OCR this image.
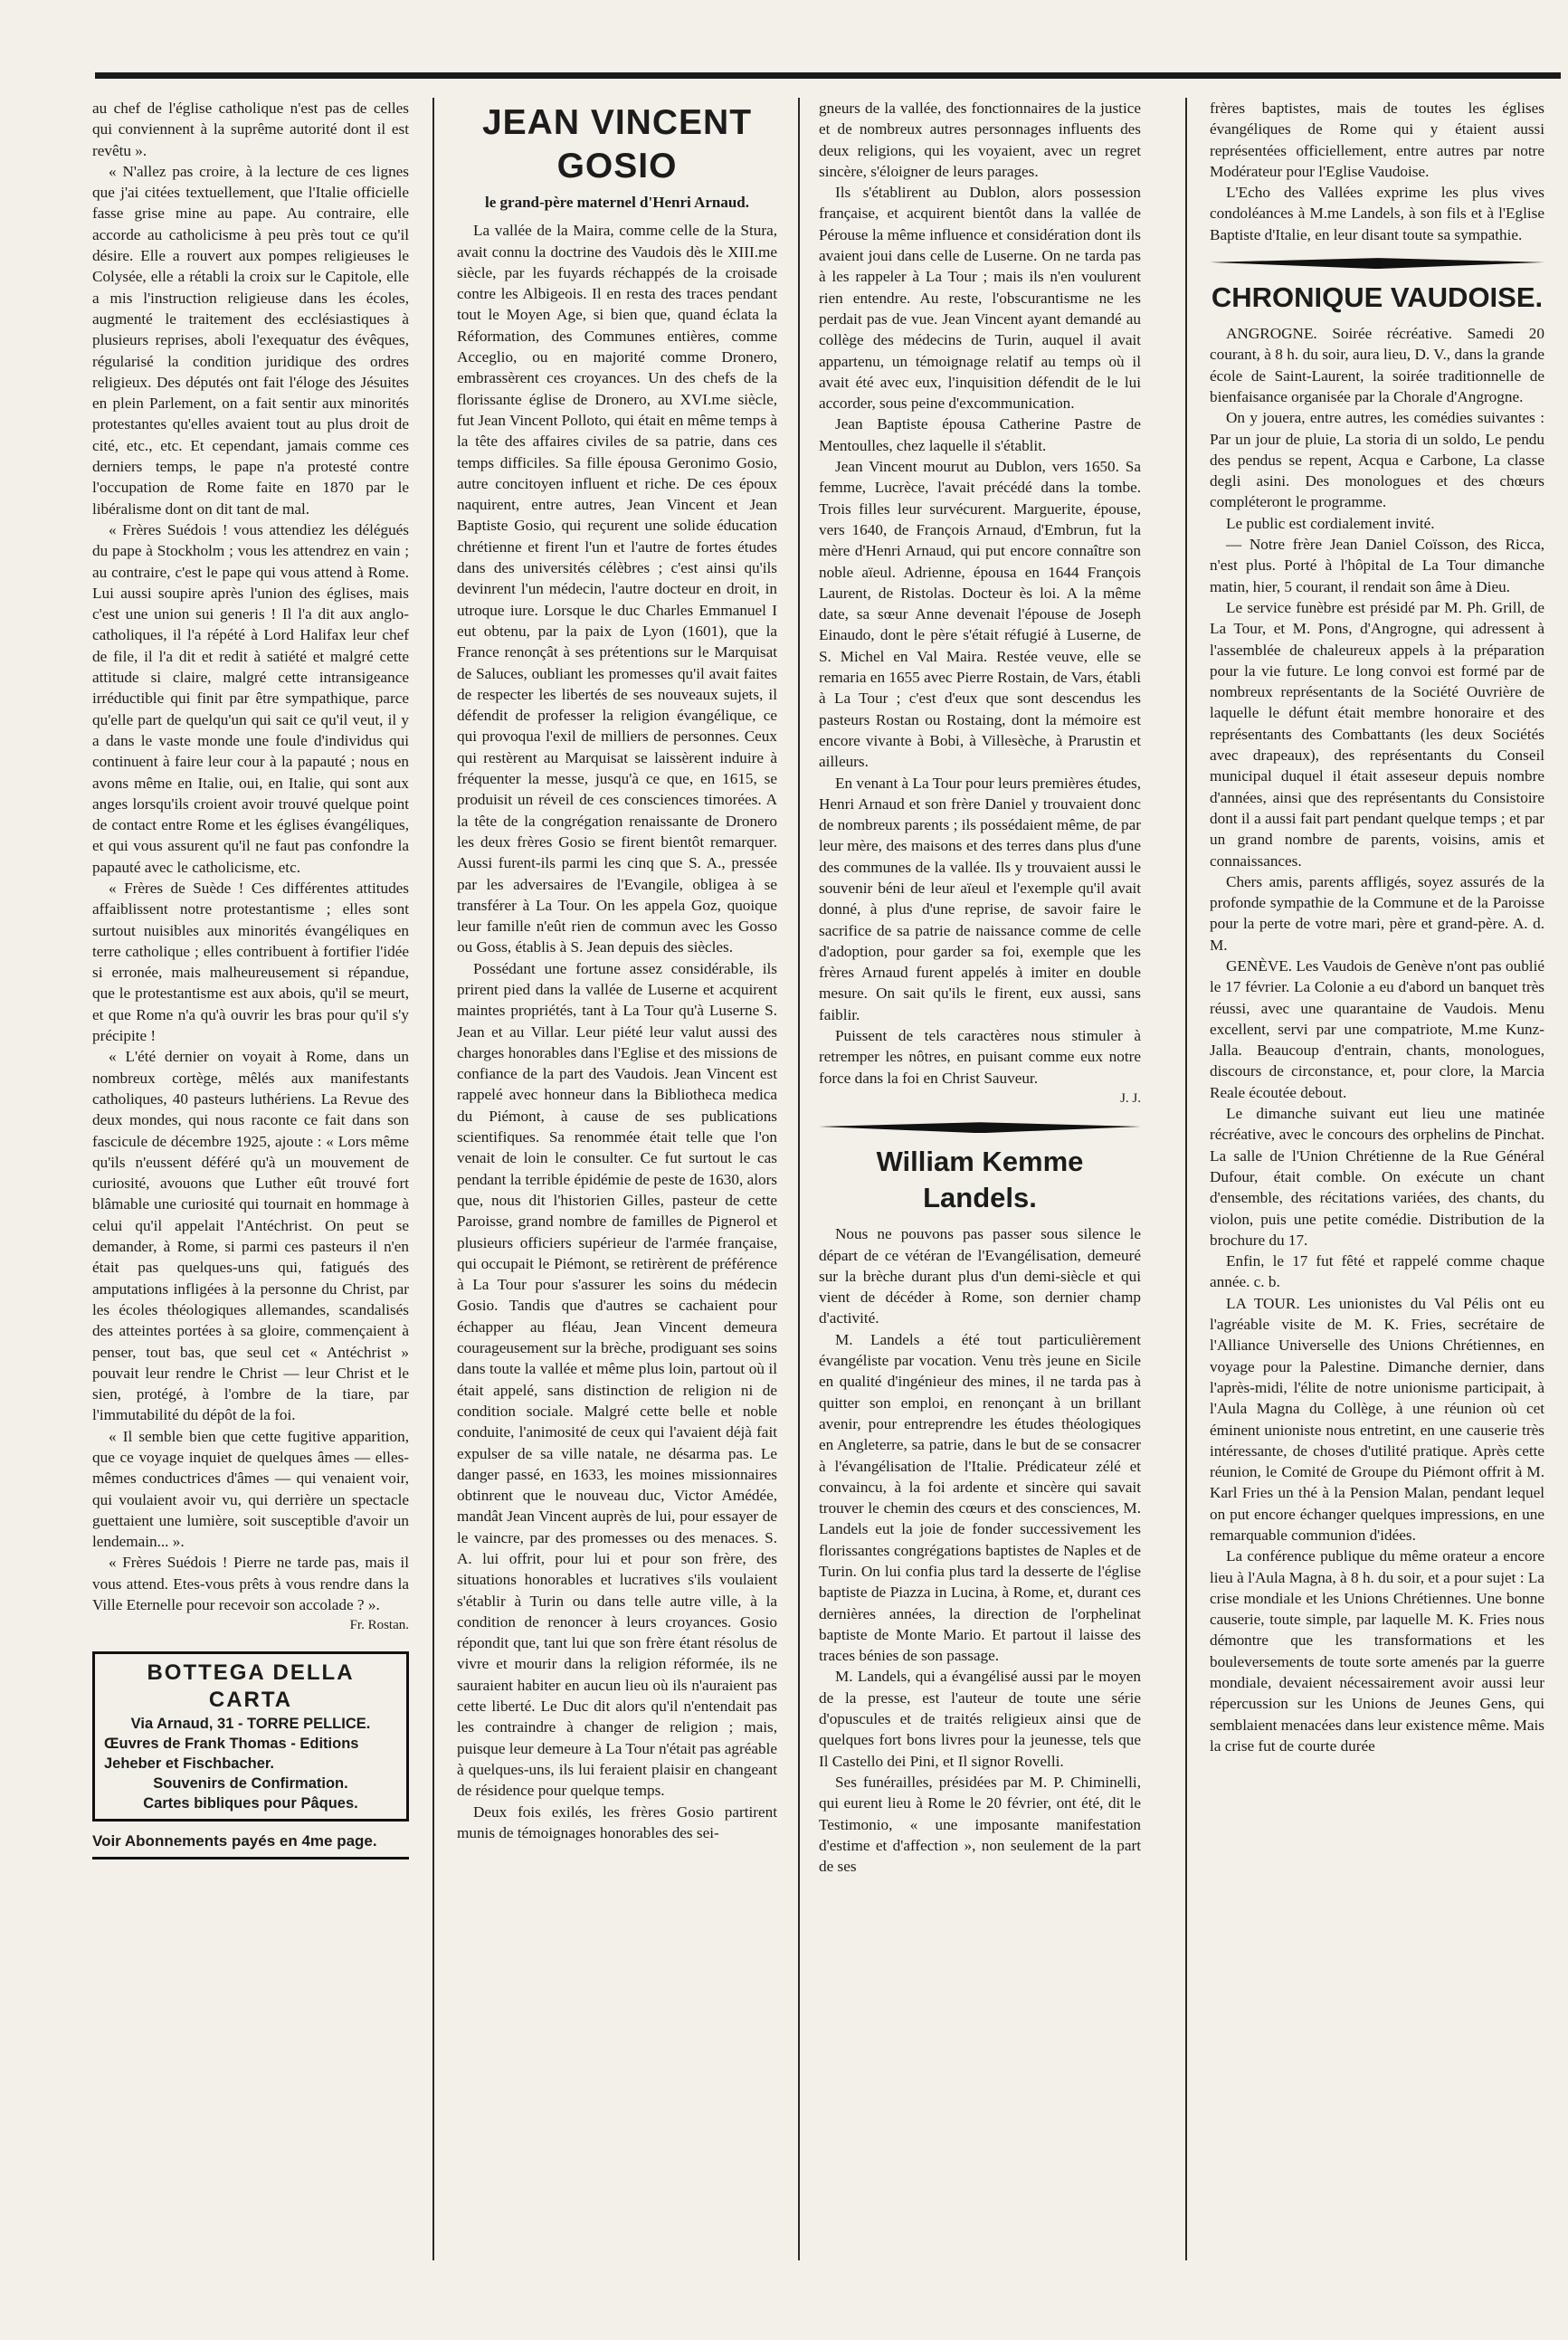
au chef de l'église catholique n'est pas de celles qui conviennent à la suprême autorité dont il est revêtu ».

« N'allez pas croire, à la lecture de ces lignes que j'ai citées textuellement, que l'Italie officielle fasse grise mine au pape. Au contraire, elle accorde au catholicisme à peu près tout ce qu'il désire. Elle a rouvert aux pompes religieuses le Colysée, elle a rétabli la croix sur le Capitole, elle a mis l'instruction religieuse dans les écoles, augmenté le traitement des ecclésiastiques à plusieurs reprises, aboli l'exequatur des évêques, régularisé la condition juridique des ordres religieux. Des députés ont fait l'éloge des Jésuites en plein Parlement, on a fait sentir aux minorités protestantes qu'elles avaient tout au plus droit de cité, etc., etc. Et cependant, jamais comme ces derniers temps, le pape n'a protesté contre l'occupation de Rome faite en 1870 par le libéralisme dont on dit tant de mal.

« Frères Suédois ! vous attendiez les délégués du pape à Stockholm ; vous les attendrez en vain ; au contraire, c'est le pape qui vous attend à Rome. Lui aussi soupire après l'union des églises, mais c'est une union sui generis ! Il l'a dit aux anglo-catholiques, il l'a répété à Lord Halifax leur chef de file, il l'a dit et redit à satiété et malgré cette attitude si claire, malgré cette intransigeance irréductible qui finit par être sympathique, parce qu'elle part de quelqu'un qui sait ce qu'il veut, il y a dans le vaste monde une foule d'individus qui continuent à faire leur cour à la papauté ; nous en avons même en Italie, oui, en Italie, qui sont aux anges lorsqu'ils croient avoir trouvé quelque point de contact entre Rome et les églises évangéliques, et qui vous assurent qu'il ne faut pas confondre la papauté avec le catholicisme, etc.

« Frères de Suède ! Ces différentes attitudes affaiblissent notre protestantisme ; elles sont surtout nuisibles aux minorités évangéliques en terre catholique ; elles contribuent à fortifier l'idée si erronée, mais malheureusement si répandue, que le protestantisme est aux abois, qu'il se meurt, et que Rome n'a qu'à ouvrir les bras pour qu'il s'y précipite !

« L'été dernier on voyait à Rome, dans un nombreux cortège, mêlés aux manifestants catholiques, 40 pasteurs luthériens. La Revue des deux mondes, qui nous raconte ce fait dans son fascicule de décembre 1925, ajoute : « Lors même qu'ils n'eussent déféré qu'à un mouvement de curiosité, avouons que Luther eût trouvé fort blâmable une curiosité qui tournait en hommage à celui qu'il appelait l'Antéchrist. On peut se demander, à Rome, si parmi ces pasteurs il n'en était pas quelques-uns qui, fatigués des amputations infligées à la personne du Christ, par les écoles théologiques allemandes, scandalisés des atteintes portées à sa gloire, commençaient à penser, tout bas, que seul cet « Antéchrist » pouvait leur rendre le Christ — leur Christ et le sien, protégé, à l'ombre de la tiare, par l'immutabilité du dépôt de la foi.

« Il semble bien que cette fugitive apparition, que ce voyage inquiet de quelques âmes — elles-mêmes conductrices d'âmes — qui venaient voir, qui voulaient avoir vu, qui derrière un spectacle guettaient une lumière, soit susceptible d'avoir un lendemain... ».

« Frères Suédois ! Pierre ne tarde pas, mais il vous attend. Etes-vous prêts à vous rendre dans la Ville Eternelle pour recevoir son accolade ? ».

Fr. Rostan.
BOTTEGA DELLA CARTA
Via Arnaud, 31 - TORRE PELLICE.
Œuvres de Frank Thomas - Editions
Jeheber et Fischbacher.
Souvenirs de Confirmation.
Cartes bibliques pour Pâques.
Voir Abonnements payés en 4me page.
JEAN VINCENT GOSIO
le grand-père maternel d'Henri Arnaud.

La vallée de la Maira, comme celle de la Stura, avait connu la doctrine des Vaudois dès le XIII.me siècle, par les fuyards réchappés de la croisade contre les Albigeois. Il en resta des traces pendant tout le Moyen Age, si bien que, quand éclata la Réformation, des Communes entières, comme Acceglio, ou en majorité comme Dronero, embrassèrent ces croyances. Un des chefs de la florissante église de Dronero, au XVI.me siècle, fut Jean Vincent Polloto, qui était en même temps à la tête des affaires civiles de sa patrie, dans ces temps difficiles. Sa fille épousa Geronimo Gosio, autre concitoyen influent et riche. De ces époux naquirent, entre autres, Jean Vincent et Jean Baptiste Gosio, qui reçurent une solide éducation chrétienne et firent l'un et l'autre de fortes études dans des universités célèbres ; c'est ainsi qu'ils devinrent l'un médecin, l'autre docteur en droit, in utroque iure. Lorsque le duc Charles Emmanuel I eut obtenu, par la paix de Lyon (1601), que la France renonçât à ses prétentions sur le Marquisat de Saluces, oubliant les promesses qu'il avait faites de respecter les libertés de ses nouveaux sujets, il défendit de professer la religion évangélique, ce qui provoqua l'exil de milliers de personnes. Ceux qui restèrent au Marquisat se laissèrent induire à fréquenter la messe, jusqu'à ce que, en 1615, se produisit un réveil de ces consciences timorées. A la tête de la congrégation renaissante de Dronero les deux frères Gosio se firent bientôt remarquer. Aussi furent-ils parmi les cinq que S. A., pressée par les adversaires de l'Evangile, obligea à se transférer à La Tour. On les appela Goz, quoique leur famille n'eût rien de commun avec les Gosso ou Goss, établis à S. Jean depuis des siècles.

Possédant une fortune assez considérable, ils prirent pied dans la vallée de Luserne et acquirent maintes propriétés, tant à La Tour qu'à Luserne S. Jean et au Villar. Leur piété leur valut aussi des charges honorables dans l'Eglise et des missions de confiance de la part des Vaudois. Jean Vincent est rappelé avec honneur dans la Bibliotheca medica du Piémont, à cause de ses publications scientifiques. Sa renommée était telle que l'on venait de loin le consulter. Ce fut surtout le cas pendant la terrible épidémie de peste de 1630, alors que, nous dit l'historien Gilles, pasteur de cette Paroisse, grand nombre de familles de Pignerol et plusieurs officiers supérieur de l'armée française, qui occupait le Piémont, se retirèrent de préférence à La Tour pour s'assurer les soins du médecin Gosio. Tandis que d'autres se cachaient pour échapper au fléau, Jean Vincent demeura courageusement sur la brèche, prodiguant ses soins dans toute la vallée et même plus loin, partout où il était appelé, sans distinction de religion ni de condition sociale. Malgré cette belle et noble conduite, l'animosité de ceux qui l'avaient déjà fait expulser de sa ville natale, ne désarma pas. Le danger passé, en 1633, les moines missionnaires obtinrent que le nouveau duc, Victor Amédée, mandât Jean Vincent auprès de lui, pour essayer de le vaincre, par des promesses ou des menaces. S. A. lui offrit, pour lui et pour son frère, des situations honorables et lucratives s'ils voulaient s'établir à Turin ou dans telle autre ville, à la condition de renoncer à leurs croyances. Gosio répondit que, tant lui que son frère étant résolus de vivre et mourir dans la religion réformée, ils ne sauraient habiter en aucun lieu où ils n'auraient pas cette liberté. Le Duc dit alors qu'il n'entendait pas les contraindre à changer de religion ; mais, puisque leur demeure à La Tour n'était pas agréable à quelques-uns, ils lui feraient plaisir en changeant de résidence pour quelque temps.

Deux fois exilés, les frères Gosio partirent munis de témoignages honorables des sei-

gneurs de la vallée, des fonctionnaires de la justice et de nombreux autres personnages influents des deux religions, qui les voyaient, avec un regret sincère, s'éloigner de leurs parages.

Ils s'établirent au Dublon, alors possession française, et acquirent bientôt dans la vallée de Pérouse la même influence et considération dont ils avaient joui dans celle de Luserne. On ne tarda pas à les rappeler à La Tour ; mais ils n'en voulurent rien entendre. Au reste, l'obscurantisme ne les perdait pas de vue. Jean Vincent ayant demandé au collège des médecins de Turin, auquel il avait appartenu, un témoignage relatif au temps où il avait été avec eux, l'inquisition défendit de le lui accorder, sous peine d'excommunication.

Jean Baptiste épousa Catherine Pastre de Mentoulles, chez laquelle il s'établit.

Jean Vincent mourut au Dublon, vers 1650. Sa femme, Lucrèce, l'avait précédé dans la tombe. Trois filles leur survécurent. Marguerite, épouse, vers 1640, de François Arnaud, d'Embrun, fut la mère d'Henri Arnaud, qui put encore connaître son noble aïeul. Adrienne, épousa en 1644 François Laurent, de Ristolas. Docteur ès loi. A la même date, sa sœur Anne devenait l'épouse de Joseph Einaudo, dont le père s'était réfugié à Luserne, de S. Michel en Val Maira. Restée veuve, elle se remaria en 1655 avec Pierre Rostain, de Vars, établi à La Tour ; c'est d'eux que sont descendus les pasteurs Rostan ou Rostaing, dont la mémoire est encore vivante à Bobi, à Villesèche, à Prarustin et ailleurs.

En venant à La Tour pour leurs premières études, Henri Arnaud et son frère Daniel y trouvaient donc de nombreux parents ; ils possédaient même, de par leur mère, des maisons et des terres dans plus d'une des communes de la vallée. Ils y trouvaient aussi le souvenir béni de leur aïeul et l'exemple qu'il avait donné, à plus d'une reprise, de savoir faire le sacrifice de sa patrie de naissance comme de celle d'adoption, pour garder sa foi, exemple que les frères Arnaud furent appelés à imiter en double mesure. On sait qu'ils le firent, eux aussi, sans faiblir.

Puissent de tels caractères nous stimuler à retremper les nôtres, en puisant comme eux notre force dans la foi en Christ Sauveur.

J. J.
William Kemme Landels.

Nous ne pouvons pas passer sous silence le départ de ce vétéran de l'Evangélisation, demeuré sur la brèche durant plus d'un demi-siècle et qui vient de décéder à Rome, son dernier champ d'activité.

M. Landels a été tout particulièrement évangéliste par vocation. Venu très jeune en Sicile en qualité d'ingénieur des mines, il ne tarda pas à quitter son emploi, en renonçant à un brillant avenir, pour entreprendre les études théologiques en Angleterre, sa patrie, dans le but de se consacrer à l'évangélisation de l'Italie. Prédicateur zélé et convaincu, à la foi ardente et sincère qui savait trouver le chemin des cœurs et des consciences, M. Landels eut la joie de fonder successivement les florissantes congrégations baptistes de Naples et de Turin. On lui confia plus tard la desserte de l'église baptiste de Piazza in Lucina, à Rome, et, durant ces dernières années, la direction de l'orphelinat baptiste de Monte Mario. Et partout il laisse des traces bénies de son passage.

M. Landels, qui a évangélisé aussi par le moyen de la presse, est l'auteur de toute une série d'opuscules et de traités religieux ainsi que de quelques fort bons livres pour la jeunesse, tels que Il Castello dei Pini, et Il signor Rovelli.

Ses funérailles, présidées par M. P. Chiminelli, qui eurent lieu à Rome le 20 février, ont été, dit le Testimonio, « une imposante manifestation d'estime et d'affection », non seulement de la part de ses

frères baptistes, mais de toutes les églises évangéliques de Rome qui y étaient aussi représentées officiellement, entre autres par notre Modérateur pour l'Eglise Vaudoise.

L'Echo des Vallées exprime les plus vives condoléances à M.me Landels, à son fils et à l'Eglise Baptiste d'Italie, en leur disant toute sa sympathie.

CHRONIQUE VAUDOISE.

ANGROGNE. Soirée récréative. Samedi 20 courant, à 8 h. du soir, aura lieu, D. V., dans la grande école de Saint-Laurent, la soirée traditionnelle de bienfaisance organisée par la Chorale d'Angrogne.

On y jouera, entre autres, les comédies suivantes : Par un jour de pluie, La storia di un soldo, Le pendu des pendus se repent, Acqua e Carbone, La classe degli asini. Des monologues et des chœurs compléteront le programme.

Le public est cordialement invité.

— Notre frère Jean Daniel Coïsson, des Ricca, n'est plus. Porté à l'hôpital de La Tour dimanche matin, hier, 5 courant, il rendait son âme à Dieu.

Le service funèbre est présidé par M. Ph. Grill, de La Tour, et M. Pons, d'Angrogne, qui adressent à l'assemblée de chaleureux appels à la préparation pour la vie future. Le long convoi est formé par de nombreux représentants de la Société Ouvrière de laquelle le défunt était membre honoraire et des représentants des Combattants (les deux Sociétés avec drapeaux), des représentants du Conseil municipal duquel il était asseseur depuis nombre d'années, ainsi que des représentants du Consistoire dont il a aussi fait part pendant quelque temps ; et par un grand nombre de parents, voisins, amis et connaissances.

Chers amis, parents affligés, soyez assurés de la profonde sympathie de la Commune et de la Paroisse pour la perte de votre mari, père et grand-père. A. d. M.

GENÈVE. Les Vaudois de Genève n'ont pas oublié le 17 février. La Colonie a eu d'abord un banquet très réussi, avec une quarantaine de Vaudois. Menu excellent, servi par une compatriote, M.me Kunz-Jalla. Beaucoup d'entrain, chants, monologues, discours de circonstance, et, pour clore, la Marcia Reale écoutée debout.

Le dimanche suivant eut lieu une matinée récréative, avec le concours des orphelins de Pinchat. La salle de l'Union Chrétienne de la Rue Général Dufour, était comble. On exécute un chant d'ensemble, des récitations variées, des chants, du violon, puis une petite comédie. Distribution de la brochure du 17.

Enfin, le 17 fut fêté et rappelé comme chaque année. c. b.

LA TOUR. Les unionistes du Val Pélis ont eu l'agréable visite de M. K. Fries, secrétaire de l'Alliance Universelle des Unions Chrétiennes, en voyage pour la Palestine. Dimanche dernier, dans l'après-midi, l'élite de notre unionisme participait, à l'Aula Magna du Collège, à une réunion où cet éminent unioniste nous entretint, en une causerie très intéressante, de choses d'utilité pratique. Après cette réunion, le Comité de Groupe du Piémont offrit à M. Karl Fries un thé à la Pension Malan, pendant lequel on put encore échanger quelques impressions, en une remarquable communion d'idées.

La conférence publique du même orateur a encore lieu à l'Aula Magna, à 8 h. du soir, et a pour sujet : La crise mondiale et les Unions Chrétiennes. Une bonne causerie, toute simple, par laquelle M. K. Fries nous démontre que les transformations et les bouleversements de toute sorte amenés par la guerre mondiale, devaient nécessairement avoir aussi leur répercussion sur les Unions de Jeunes Gens, qui semblaient menacées dans leur existence même. Mais la crise fut de courte durée
